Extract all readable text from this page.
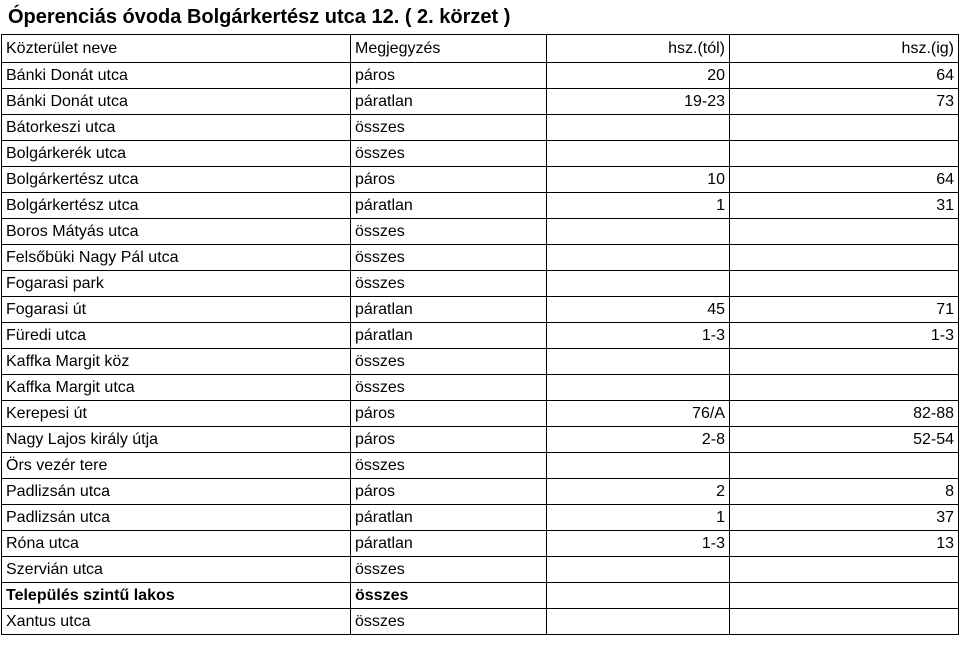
Óperenciás óvoda Bolgárkertész utca 12. ( 2. körzet )
Közterület neve	Megjegyzés	hsz.(tól)	hsz.(ig)
Bánki Donát utca	páros	20	64
Bánki Donát utca	páratlan	19-23	73
Bátorkeszi utca	összes		
Bolgárkerék utca	összes		
Bolgárkertész utca	páros	10	64
Bolgárkertész utca	páratlan	1	31
Boros Mátyás utca	összes		
Felsőbüki Nagy Pál utca	összes		
Fogarasi park	összes		
Fogarasi út	páratlan	45	71
Füredi utca	páratlan	1-3	1-3
Kaffka Margit köz	összes		
Kaffka Margit utca	összes		
Kerepesi út	páros	76/A	82-88
Nagy Lajos király útja	páros	2-8	52-54
Örs vezér tere	összes		
Padlizsán utca	páros	2	8
Padlizsán utca	páratlan	1	37
Róna utca	páratlan	1-3	13
Szervián utca	összes		
Település szintű lakos	összes		
Xantus utca	összes		
